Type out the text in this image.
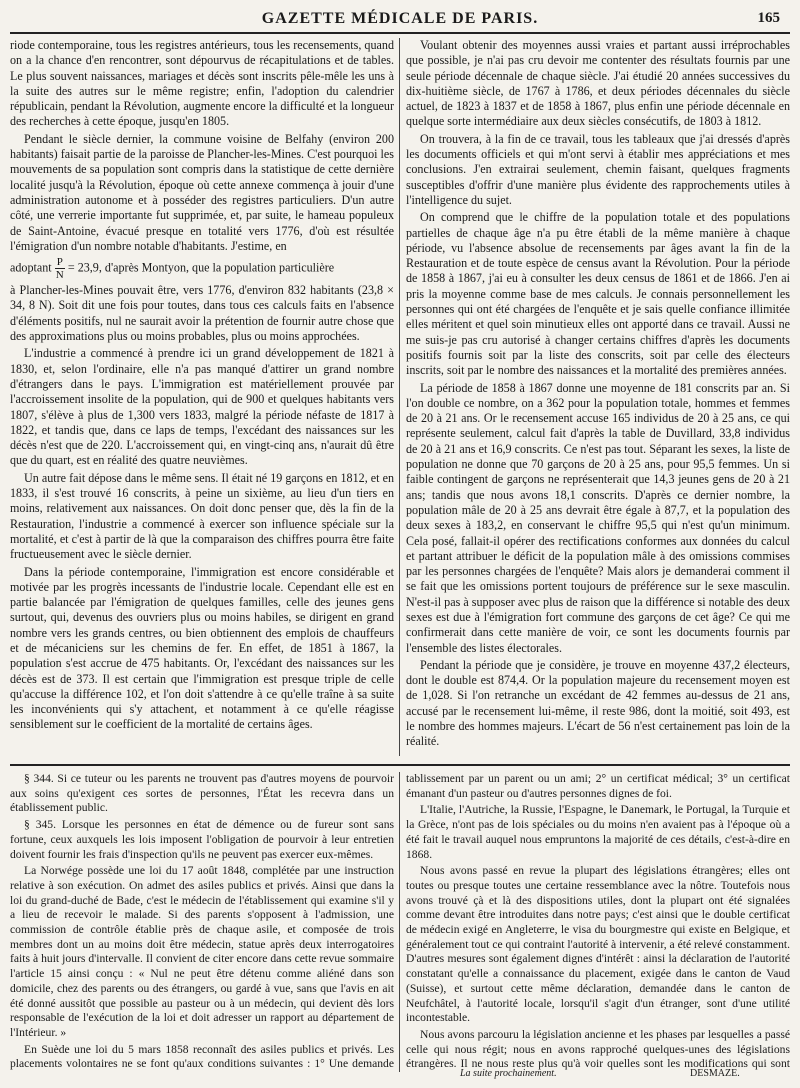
GAZETTE MÉDICALE DE PARIS.	165

riode contemporaine, tous les registres antérieurs, tous les recensements, quand on a la chance d'en rencontrer, sont dépourvus de récapitulations et de tables. Le plus souvent naissances, mariages et décès sont inscrits pêle-mêle les uns à la suite des autres sur le même registre; enfin, l'adoption du calendrier républicain, pendant la Révolution, augmente encore la difficulté et la longueur des recherches à cette époque, jusqu'en 1805.

Pendant le siècle dernier, la commune voisine de Belfahy (environ 200 habitants) faisait partie de la paroisse de Plancher-les-Mines. C'est pourquoi les mouvements de sa population sont compris dans la statistique de cette dernière localité jusqu'à la Révolution, époque où cette annexe commença à jouir d'une administration autonome et à posséder des registres particuliers. D'un autre côté, une verrerie importante fut supprimée, et, par suite, le hameau populeux de Saint-Antoine, évacué presque en totalité vers 1776, d'où est résultée l'émigration d'un nombre notable d'habitants. J'estime, en

adoptant $\frac{P}{N} = 23,9$, d'après Montyon, que la population particulière

à Plancher-les-Mines pouvait être, vers 1776, d'environ 832 habitants (23,8 × 34, 8 N). Soit dit une fois pour toutes, dans tous ces calculs faits en l'absence d'éléments positifs, nul ne saurait avoir la prétention de fournir autre chose que des approximations plus ou moins probables, plus ou moins approchées.

L'industrie a commencé à prendre ici un grand développement de 1821 à 1830, et, selon l'ordinaire, elle n'a pas manqué d'attirer un grand nombre d'étrangers dans le pays. L'immigration est matériellement prouvée par l'accroissement insolite de la population, qui de 900 et quelques habitants vers 1807, s'élève à plus de 1,300 vers 1833, malgré la période néfaste de 1817 à 1822, et tandis que, dans ce laps de temps, l'excédant des naissances sur les décès n'est que de 220. L'accroissement qui, en vingt-cinq ans, n'aurait dû être que du quart, est en réalité des quatre neuvièmes.

Un autre fait dépose dans le même sens. Il était né 19 garçons en 1812, et en 1833, il s'est trouvé 16 conscrits, à peine un sixième, au lieu d'un tiers en moins, relativement aux naissances. On doit donc penser que, dès la fin de la Restauration, l'industrie a commencé à exercer son influence spéciale sur la mortalité, et c'est à partir de là que la comparaison des chiffres pourra être faite fructueusement avec le siècle dernier.

Dans la période contemporaine, l'immigration est encore considérable et motivée par les progrès incessants de l'industrie locale. Cependant elle est en partie balancée par l'émigration de quelques familles, celle des jeunes gens surtout, qui, devenus des ouvriers plus ou moins habiles, se dirigent en grand nombre vers les grands centres, ou bien obtiennent des emplois de chauffeurs et de mécaniciens sur les chemins de fer. En effet, de 1851 à 1867, la population s'est accrue de 475 habitants. Or, l'excédant des naissances sur les décès est de 373. Il est certain que l'immigration est presque triple de celle qu'accuse la différence 102, et l'on doit s'attendre à ce qu'elle traîne à sa suite les inconvénients qui s'y attachent, et notamment à ce qu'elle réagisse sensiblement sur le coefficient de la mortalité de certains âges.

Voulant obtenir des moyennes aussi vraies et partant aussi irréprochables que possible, je n'ai pas cru devoir me contenter des résultats fournis par une seule période décennale de chaque siècle. J'ai étudié 20 années successives du dix-huitième siècle, de 1767 à 1786, et deux périodes décennales du siècle actuel, de 1823 à 1837 et de 1858 à 1867, plus enfin une période décennale en quelque sorte intermédiaire aux deux siècles consécutifs, de 1803 à 1812.

On trouvera, à la fin de ce travail, tous les tableaux que j'ai dressés d'après les documents officiels et qui m'ont servi à établir mes appréciations et mes conclusions. J'en extrairai seulement, chemin faisant, quelques fragments susceptibles d'offrir d'une manière plus évidente des rapprochements utiles à l'intelligence du sujet.

On comprend que le chiffre de la population totale et des populations partielles de chaque âge n'a pu être établi de la même manière à chaque période, vu l'absence absolue de recensements par âges avant la fin de la Restauration et de toute espèce de census avant la Révolution. Pour la période de 1858 à 1867, j'ai eu à consulter les deux census de 1861 et de 1866. J'en ai pris la moyenne comme base de mes calculs. Je connais personnellement les personnes qui ont été chargées de l'enquête et je sais quelle confiance illimitée elles méritent et quel soin minutieux elles ont apporté dans ce travail. Aussi ne me suis-je pas cru autorisé à changer certains chiffres d'après les documents positifs fournis soit par la liste des conscrits, soit par celle des électeurs inscrits, soit par le nombre des naissances et la mortalité des premières années.

La période de 1858 à 1867 donne une moyenne de 181 conscrits par an. Si l'on double ce nombre, on a 362 pour la population totale, hommes et femmes de 20 à 21 ans. Or le recensement accuse 165 individus de 20 à 25 ans, ce qui représente seulement, calcul fait d'après la table de Duvillard, 33,8 individus de 20 à 21 ans et 16,9 conscrits. Ce n'est pas tout. Séparant les sexes, la liste de population ne donne que 70 garçons de 20 à 25 ans, pour 95,5 femmes. Un si faible contingent de garçons ne représenterait que 14,3 jeunes gens de 20 à 21 ans; tandis que nous avons 18,1 conscrits. D'après ce dernier nombre, la population mâle de 20 à 25 ans devrait être égale à 87,7, et la population des deux sexes à 183,2, en conservant le chiffre 95,5 qui n'est qu'un minimum. Cela posé, fallait-il opérer des rectifications conformes aux données du calcul et partant attribuer le déficit de la population mâle à des omissions commises par les personnes chargées de l'enquête? Mais alors je demanderai comment il se fait que les omissions portent toujours de préférence sur le sexe masculin. N'est-il pas à supposer avec plus de raison que la différence si notable des deux sexes est due à l'émigration fort commune des garçons de cet âge? Ce qui me confirmerait dans cette manière de voir, ce sont les documents fournis par l'ensemble des listes électorales.

Pendant la période que je considère, je trouve en moyenne 437,2 électeurs, dont le double est 874,4. Or la population majeure du recensement moyen est de 1,028. Si l'on retranche un excédant de 42 femmes au-dessus de 21 ans, accusé par le recensement lui-même, il reste 986, dont la moitié, soit 493, est le nombre des hommes majeurs. L'écart de 56 n'est certainement pas loin de la réalité.

§ 344. Si ce tuteur ou les parents ne trouvent pas d'autres moyens de pourvoir aux soins qu'exigent ces sortes de personnes, l'État les recevra dans un établissement public.

§ 345. Lorsque les personnes en état de démence ou de fureur sont sans fortune, ceux auxquels les lois imposent l'obligation de pourvoir à leur entretien doivent fournir les frais d'inspection qu'ils ne peuvent pas exercer eux-mêmes.

La Norwége possède une loi du 17 août 1848, complétée par une instruction relative à son exécution. On admet des asiles publics et privés. Ainsi que dans la loi du grand-duché de Bade, c'est le médecin de l'établissement qui examine s'il y a lieu de recevoir le malade. Si des parents s'opposent à l'admission, une commission de contrôle établie près de chaque asile, et composée de trois membres dont un au moins doit être médecin, statue après deux interrogatoires faits à huit jours d'intervalle. Il convient de citer encore dans cette revue sommaire l'article 15 ainsi conçu : « Nul ne peut être détenu comme aliéné dans son domicile, chez des parents ou des étrangers, ou gardé à vue, sans que l'avis en ait été donné aussitôt que possible au pasteur ou à un médecin, qui devient dès lors responsable de l'exécution de la loi et doit adresser un rapport au département de l'Intérieur. »

En Suède une loi du 5 mars 1858 reconnaît des asiles publics et privés. Les placements volontaires ne se font qu'aux conditions suivantes : 1° Une demande

tablissement par un parent ou un ami; 2° un certificat médical; 3° un certificat émanant d'un pasteur ou d'autres personnes dignes de foi.

L'Italie, l'Autriche, la Russie, l'Espagne, le Danemark, le Portugal, la Turquie et la Grèce, n'ont pas de lois spéciales ou du moins n'en avaient pas à l'époque où a été fait le travail auquel nous empruntons la majorité de ces détails, c'est-à-dire en 1868.

Nous avons passé en revue la plupart des législations étrangères; elles ont toutes ou presque toutes une certaine ressemblance avec la nôtre. Toutefois nous avons trouvé çà et là des dispositions utiles, dont la plupart ont été signalées comme devant être introduites dans notre pays; c'est ainsi que le double certificat de médecin exigé en Angleterre, le visa du bourgmestre qui existe en Belgique, et généralement tout ce qui contraint l'autorité à intervenir, a été relevé constamment. D'autres mesures sont également dignes d'intérêt : ainsi la déclaration de l'autorité constatant qu'elle a connaissance du placement, exigée dans le canton de Vaud (Suisse), et surtout cette même déclaration, demandée dans le canton de Neufchâtel, à l'autorité locale, lorsqu'il s'agit d'un étranger, sont d'une utilité incontestable.

Nous avons parcouru la législation ancienne et les phases par lesquelles a passé celle qui nous régit; nous en avons rapproché quelques-unes des législations étrangères. Il ne nous reste plus qu'à voir quelles sont les modifications qui sont

La suite prochainement.	DESMAZE.
